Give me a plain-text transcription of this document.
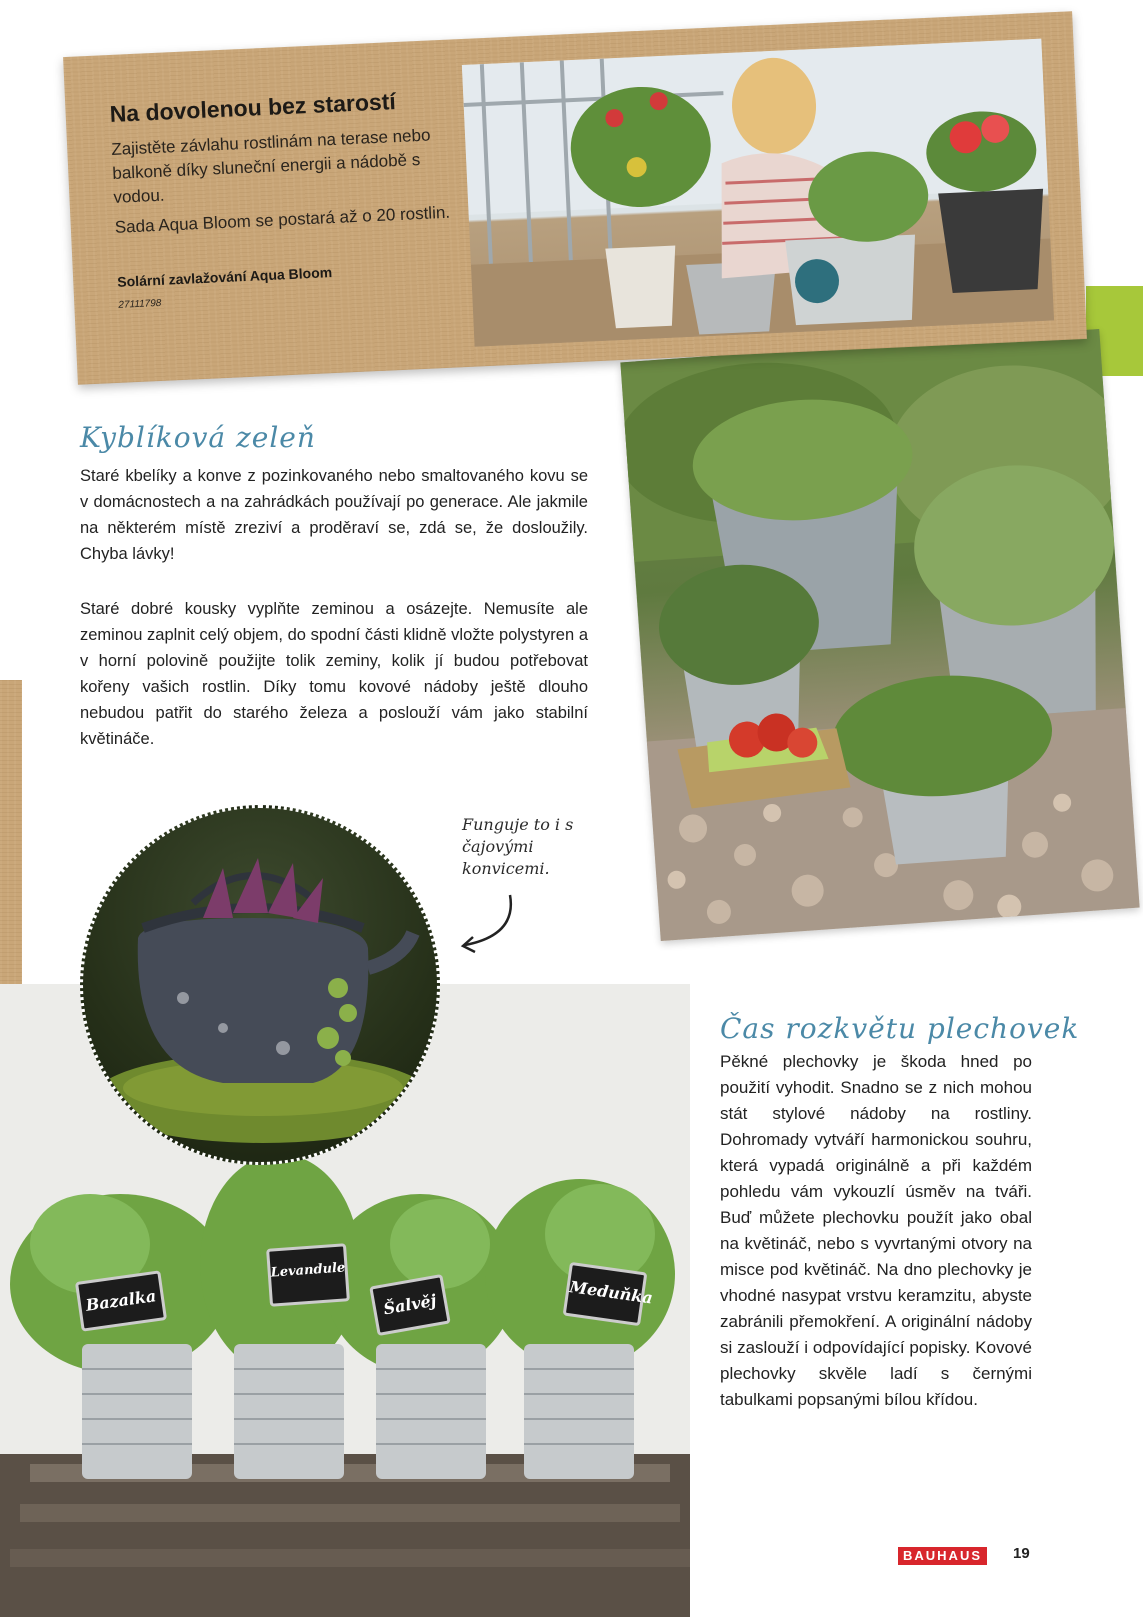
Na dovolenou bez starostí

Zajistěte závlahu rostlinám na terase nebo balkoně díky sluneční energii a nádobě s vodou.

Sada Aqua Bloom se postará až o 20 rostlin.

Solární zavlažování Aqua Bloom
27111798
Kyblíková zeleň

Staré kbelíky a konve z pozinkovaného nebo smaltovaného kovu se v domácnostech a na zahrádkách používají po generace. Ale jakmile na některém místě zreziví a proděraví se, zdá se, že dosloužily. Chyba lávky!

Staré dobré kousky vyplňte zeminou a osázejte. Nemusíte ale zeminou zaplnit celý objem, do spodní části klidně vložte polystyren a v horní polovině použijte tolik zeminy, kolik jí budou potřebovat kořeny vašich rostlin. Díky tomu kovové nádoby ještě dlouho nebudou patřit do starého železa a poslouží vám jako stabilní květináče.

Funguje to i s čajovými konvicemi.
Bazalka
Levandule
Šalvěj	Meduňka
Čas rozkvětu plechovek

Pěkné plechovky je škoda hned po použití vyhodit. Snadno se z nich mohou stát stylové nádoby na rostliny. Dohromady vytváří harmonickou souhru, která vypadá originálně a při každém pohledu vám vykouzlí úsměv na tváři. Buď můžete plechovku použít jako obal na květináč, nebo s vyvrtanými otvory na misce pod květináč. Na dno plechovky je vhodné nasypat vrstvu keramzitu, abyste zabránili přemokření. A originální nádoby si zaslouží i odpovídající popisky. Kovové plechovky skvěle ladí s černými tabulkami popsanými bílou křídou.

BAUHAUS	19
